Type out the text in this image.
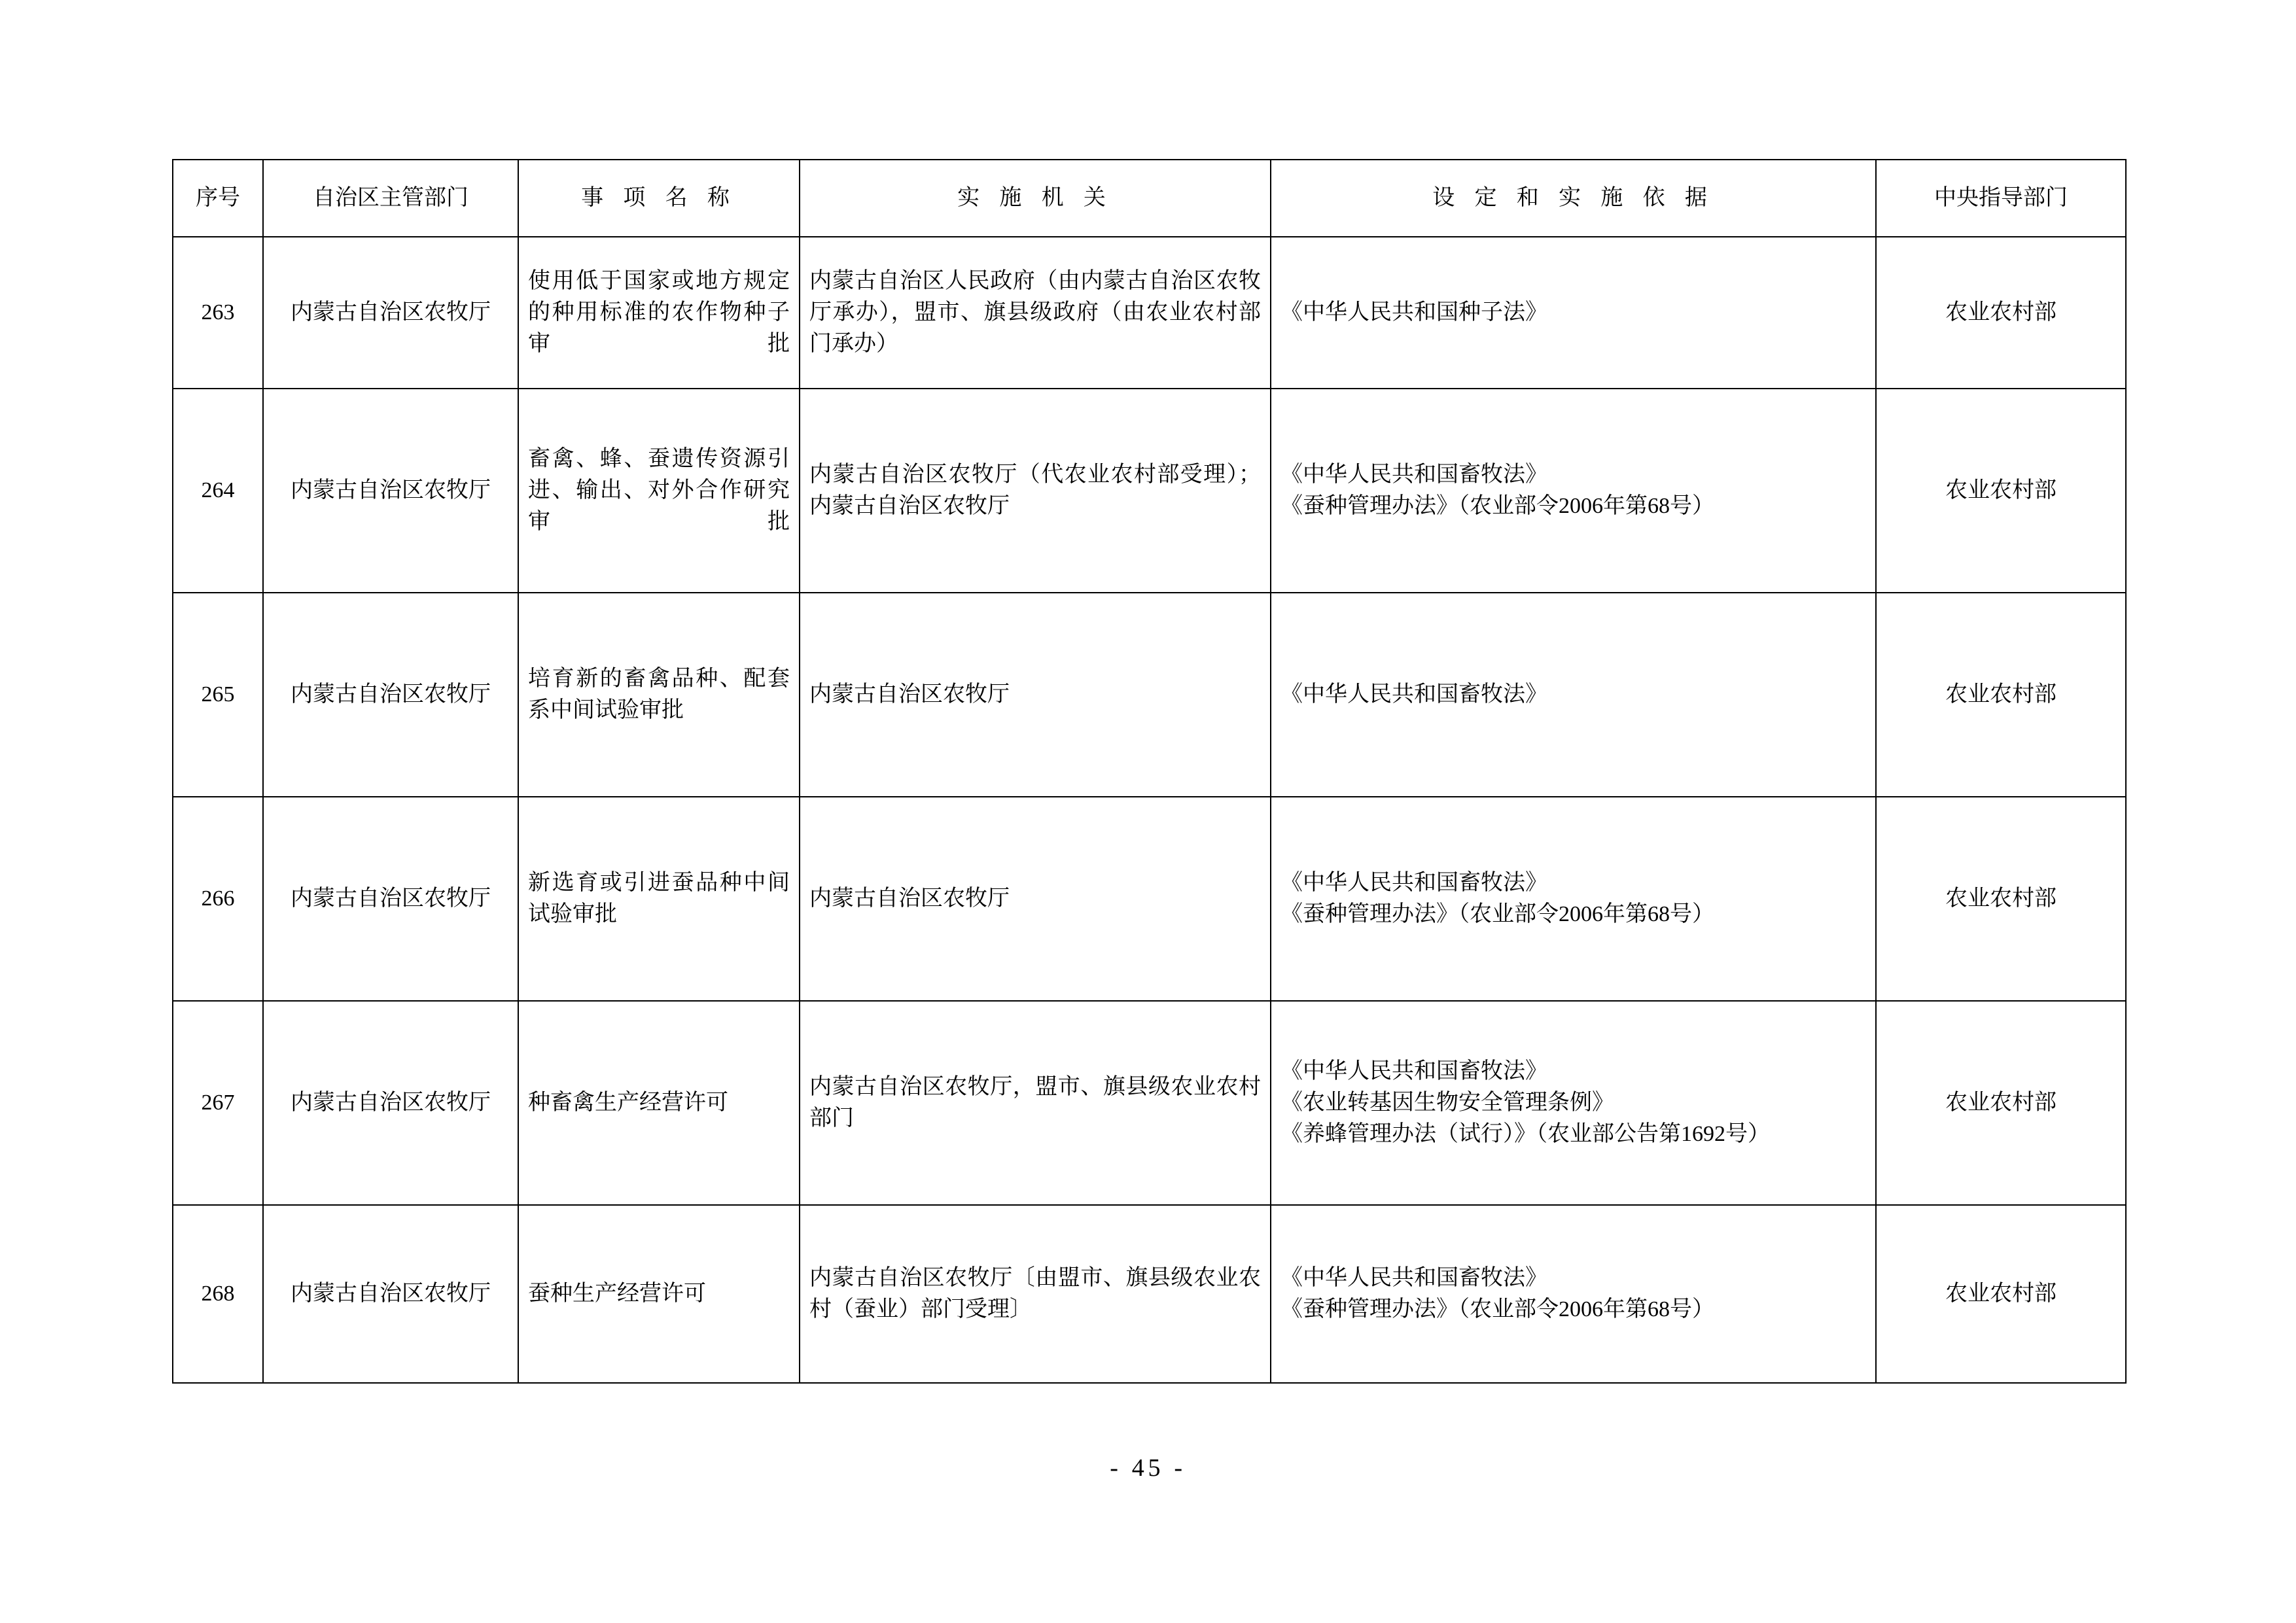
序号	自治区主管部门	事 项 名 称	实 施 机 关	设 定 和 实 施 依 据	中央指导部门
263	内蒙古自治区农牧厅	使用低于国家或地方规定的种用标准的农作物种子审批	内蒙古自治区人民政府（由内蒙古自治区农牧厅承办），盟市、旗县级政府（由农业农村部门承办）	《中华人民共和国种子法》	农业农村部
264	内蒙古自治区农牧厅	畜禽、蜂、蚕遗传资源引进、输出、对外合作研究审批	内蒙古自治区农牧厅（代农业农村部受理）；内蒙古自治区农牧厅	《中华人民共和国畜牧法》
《蚕种管理办法》（农业部令2006年第68号）	农业农村部
265	内蒙古自治区农牧厅	培育新的畜禽品种、配套系中间试验审批	内蒙古自治区农牧厅	《中华人民共和国畜牧法》	农业农村部
266	内蒙古自治区农牧厅	新选育或引进蚕品种中间试验审批	内蒙古自治区农牧厅	《中华人民共和国畜牧法》
《蚕种管理办法》（农业部令2006年第68号）	农业农村部
267	内蒙古自治区农牧厅	种畜禽生产经营许可	内蒙古自治区农牧厅，盟市、旗县级农业农村部门	《中华人民共和国畜牧法》
《农业转基因生物安全管理条例》
《养蜂管理办法（试行）》（农业部公告第1692号）	农业农村部
268	内蒙古自治区农牧厅	蚕种生产经营许可	内蒙古自治区农牧厅〔由盟市、旗县级农业农村（蚕业）部门受理〕	《中华人民共和国畜牧法》
《蚕种管理办法》（农业部令2006年第68号）	农业农村部
- 45 -
